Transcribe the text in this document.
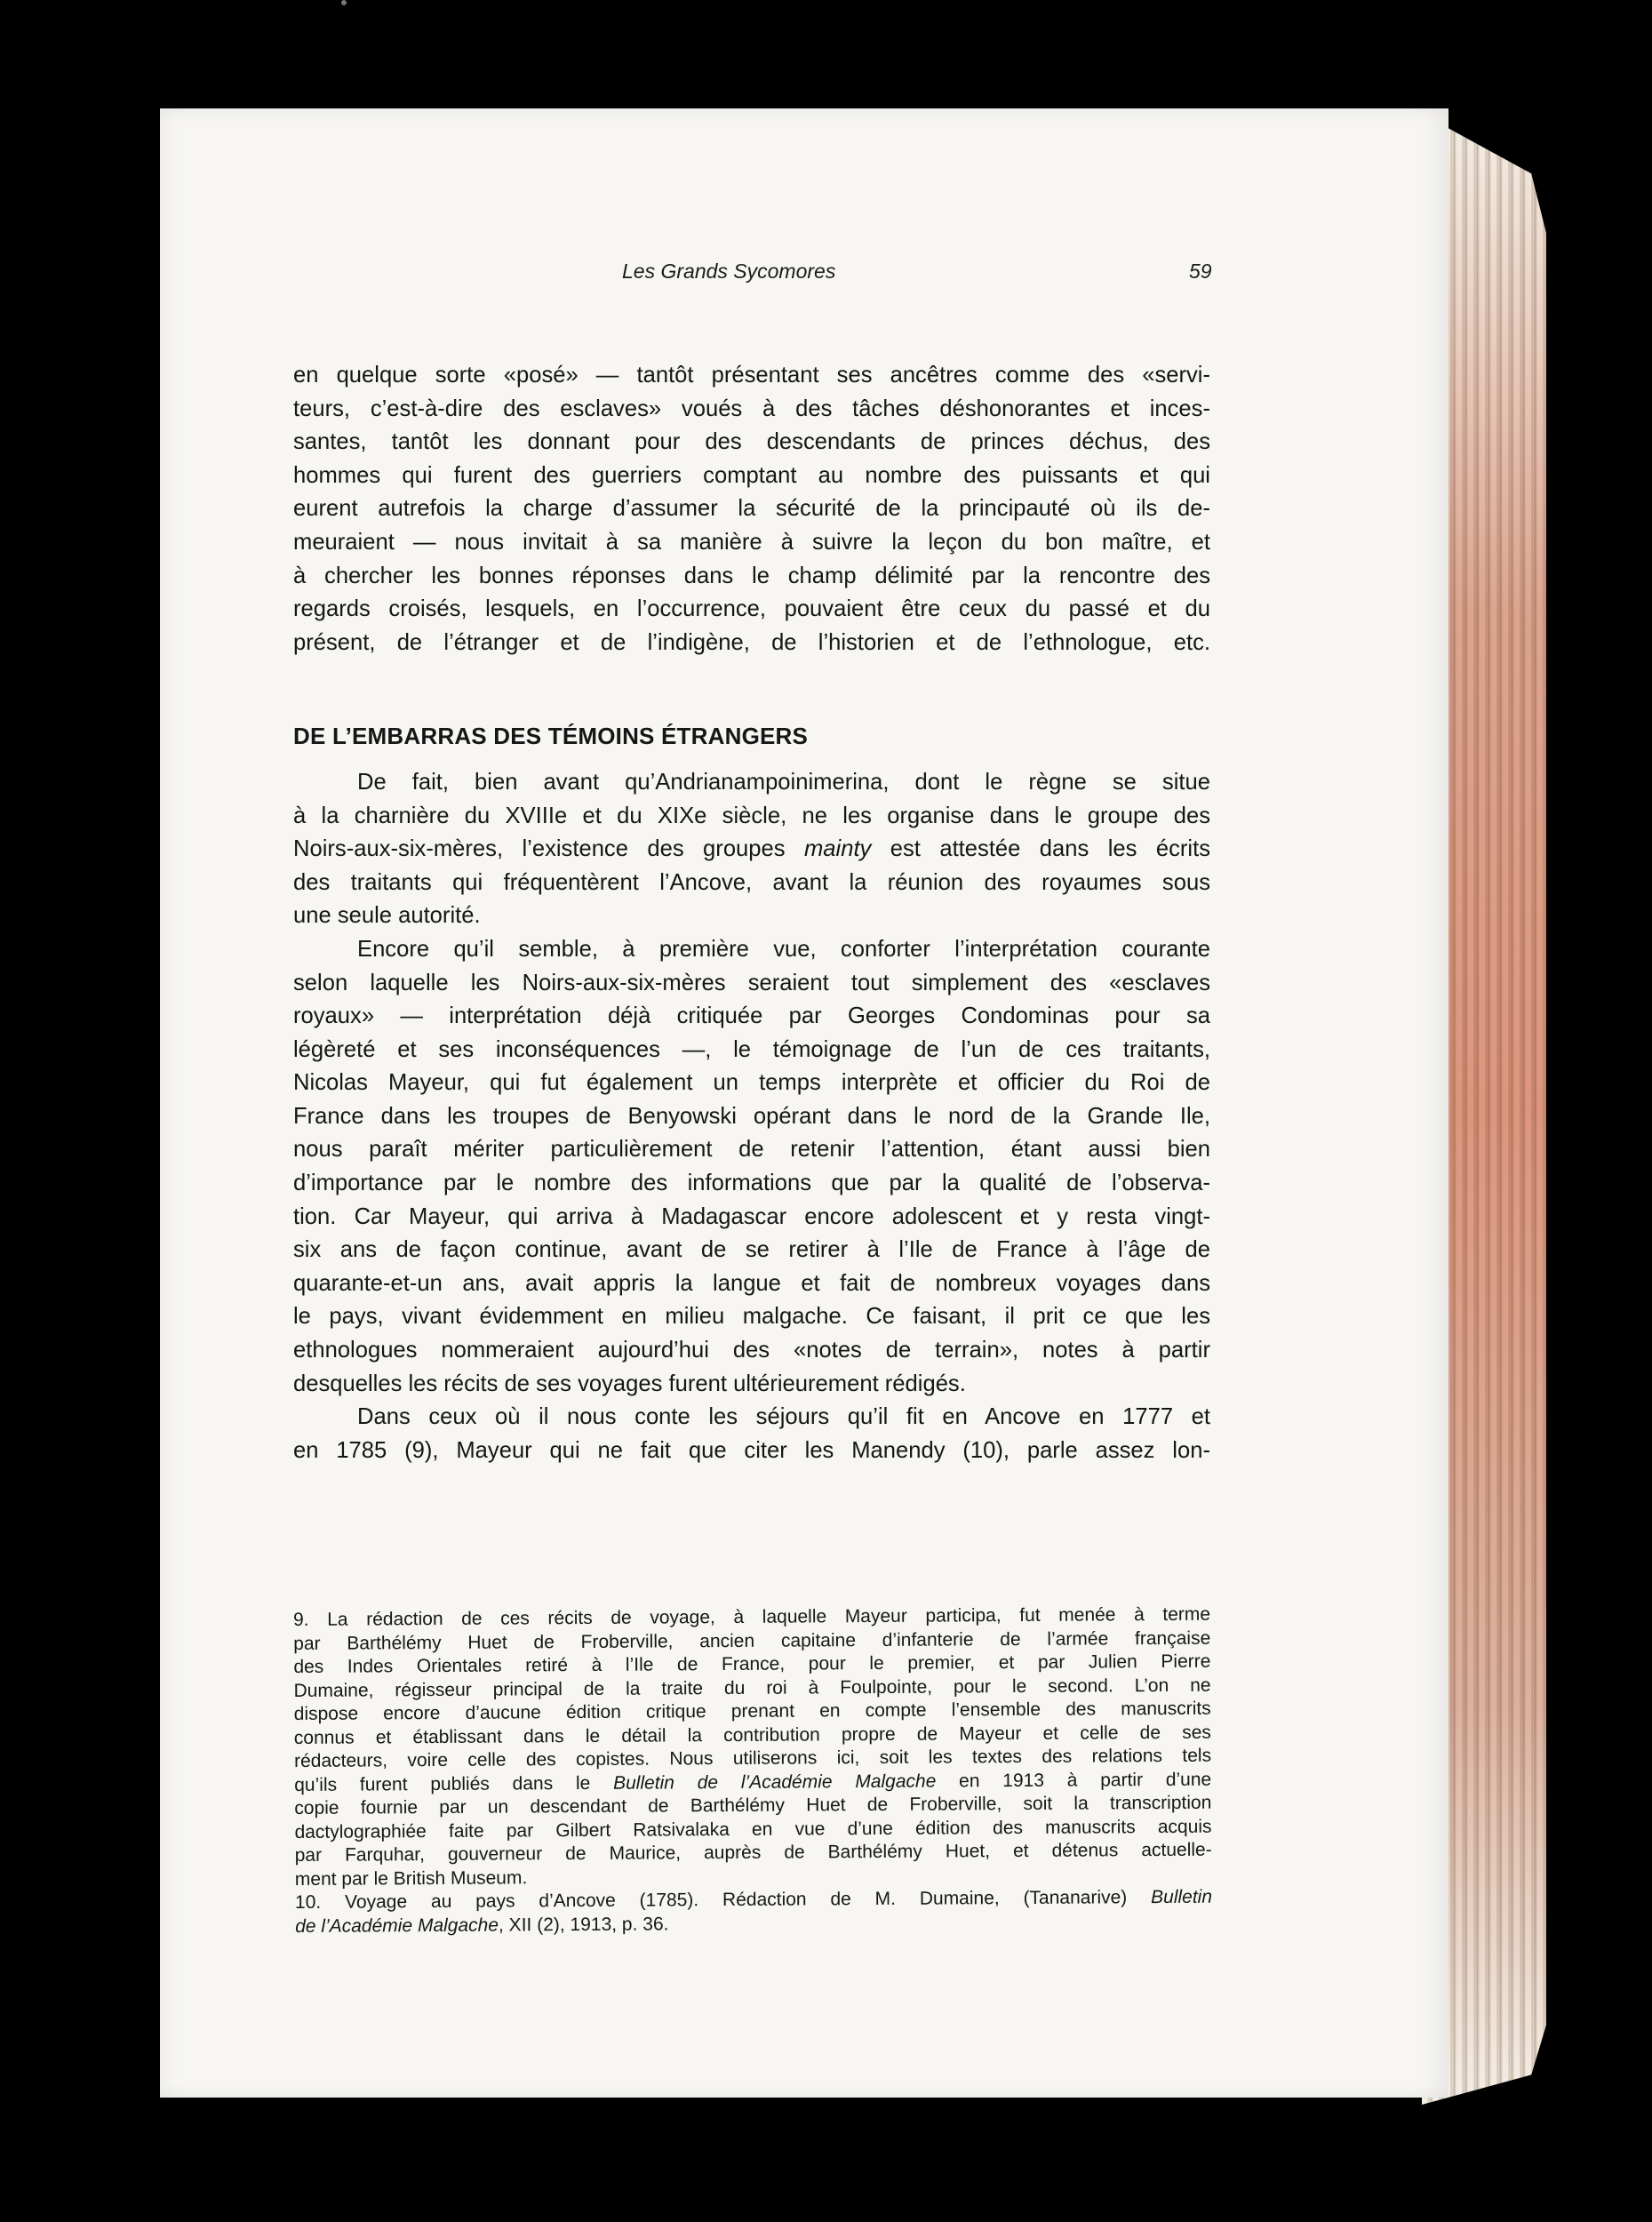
Les Grands Sycomores	59
en quelque sorte «posé» — tantôt présentant ses ancêtres comme des «servi-
teurs, c’est-à-dire des esclaves» voués à des tâches déshonorantes et inces-
santes, tantôt les donnant pour des descendants de princes déchus, des
hommes qui furent des guerriers comptant au nombre des puissants et qui
eurent autrefois la charge d’assumer la sécurité de la principauté où ils de-
meuraient — nous invitait à sa manière à suivre la leçon du bon maître, et
à chercher les bonnes réponses dans le champ délimité par la rencontre des
regards croisés, lesquels, en l’occurrence, pouvaient être ceux du passé et du
présent, de l’étranger et de l’indigène, de l’historien et de l’ethnologue, etc.
DE L’EMBARRAS DES TÉMOINS ÉTRANGERS
De fait, bien avant qu’Andrianampoinimerina, dont le règne se situe
à la charnière du XVIIIe et du XIXe siècle, ne les organise dans le groupe des
Noirs-aux-six-mères, l’existence des groupes mainty est attestée dans les écrits
des traitants qui fréquentèrent l’Ancove, avant la réunion des royaumes sous
une seule autorité.
Encore qu’il semble, à première vue, conforter l’interprétation courante
selon laquelle les Noirs-aux-six-mères seraient tout simplement des «esclaves
royaux» — interprétation déjà critiquée par Georges Condominas pour sa
légèreté et ses inconséquences —, le témoignage de l’un de ces traitants,
Nicolas Mayeur, qui fut également un temps interprète et officier du Roi de
France dans les troupes de Benyowski opérant dans le nord de la Grande Ile,
nous paraît mériter particulièrement de retenir l’attention, étant aussi bien
d’importance par le nombre des informations que par la qualité de l’observa-
tion. Car Mayeur, qui arriva à Madagascar encore adolescent et y resta vingt-
six ans de façon continue, avant de se retirer à l’Ile de France à l’âge de
quarante-et-un ans, avait appris la langue et fait de nombreux voyages dans
le pays, vivant évidemment en milieu malgache. Ce faisant, il prit ce que les
ethnologues nommeraient aujourd’hui des «notes de terrain», notes à partir
desquelles les récits de ses voyages furent ultérieurement rédigés.
Dans ceux où il nous conte les séjours qu’il fit en Ancove en 1777 et
en 1785 (9), Mayeur qui ne fait que citer les Manendy (10), parle assez lon-
9. La rédaction de ces récits de voyage, à laquelle Mayeur participa, fut menée à terme
par Barthélémy Huet de Froberville, ancien capitaine d’infanterie de l’armée française
des Indes Orientales retiré à l’Ile de France, pour le premier, et par Julien Pierre
Dumaine, régisseur principal de la traite du roi à Foulpointe, pour le second. L’on ne
dispose encore d’aucune édition critique prenant en compte l’ensemble des manuscrits
connus et établissant dans le détail la contribution propre de Mayeur et celle de ses
rédacteurs, voire celle des copistes. Nous utiliserons ici, soit les textes des relations tels
qu’ils furent publiés dans le Bulletin de l’Académie Malgache en 1913 à partir d’une
copie fournie par un descendant de Barthélémy Huet de Froberville, soit la transcription
dactylographiée faite par Gilbert Ratsivalaka en vue d’une édition des manuscrits acquis
par Farquhar, gouverneur de Maurice, auprès de Barthélémy Huet, et détenus actuelle-
ment par le British Museum.
10. Voyage au pays d’Ancove (1785). Rédaction de M. Dumaine, (Tananarive) Bulletin
de l’Académie Malgache, XII (2), 1913, p. 36.
